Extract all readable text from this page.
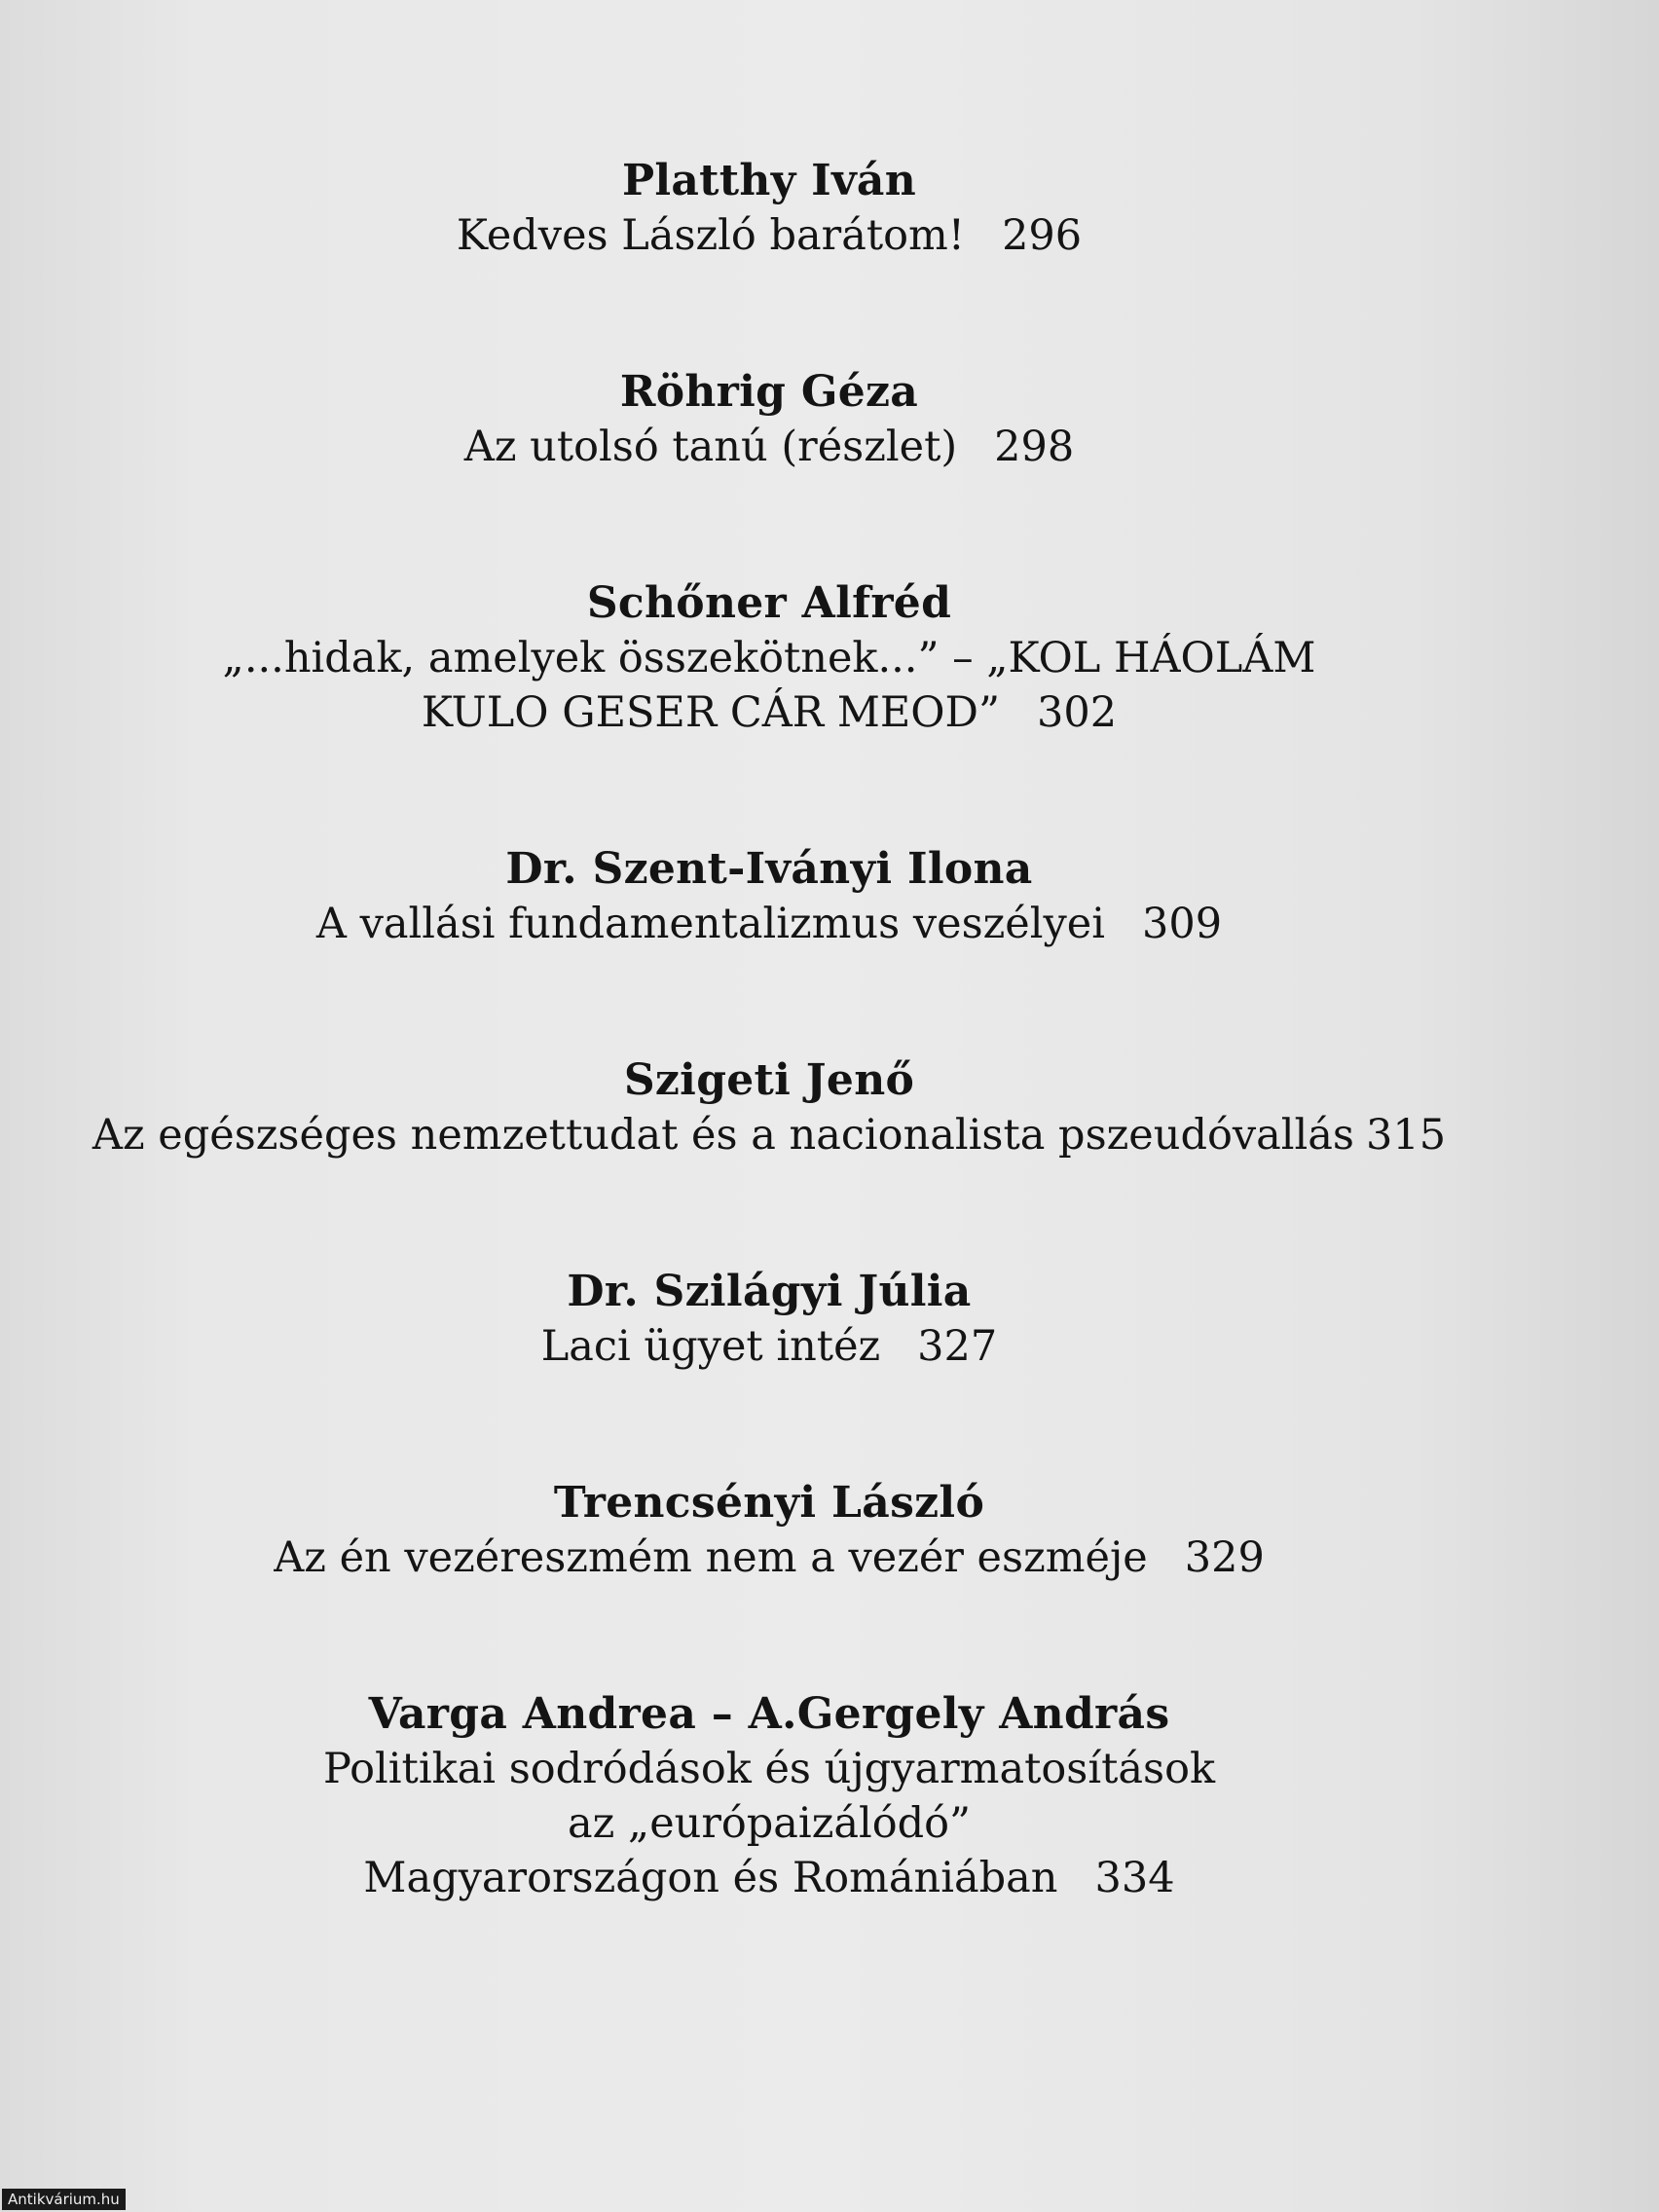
Platthy Iván
Kedves László barátom! 296
Röhrig Géza
Az utolsó tanú (részlet) 298
Schőner Alfréd
„...hidak, amelyek összekötnek...” – „KOL HÁOLÁM
KULO GESER CÁR MEOD” 302
Dr. Szent-Iványi Ilona
A vallási fundamentalizmus veszélyei 309
Szigeti Jenő
Az egészséges nemzettudat és a nacionalista pszeudóvallás 315
Dr. Szilágyi Júlia
Laci ügyet intéz 327
Trencsényi László
Az én vezéreszmém nem a vezér eszméje 329
Varga Andrea – A.Gergely András
Politikai sodródások és újgyarmatosítások
az „európaizálódó”
Magyarországon és Romániában 334
Antikvárium.hu
